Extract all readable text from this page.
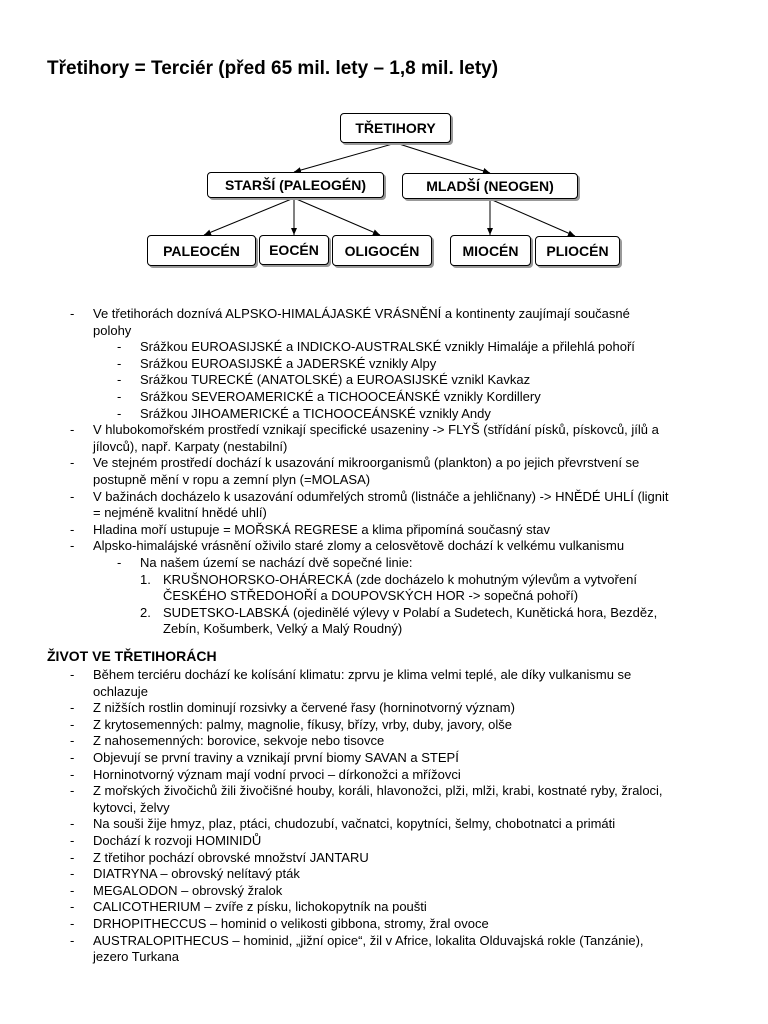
Třetihory = Terciér (před 65 mil. lety – 1,8 mil. lety)
TŘETIHORY
STARŠÍ (PALEOGÉN)	MLADŠÍ (NEOGEN)
PALEOCÉN	EOCÉN	OLIGOCÉN	MIOCÉN	PLIOCÉN
- Ve třetihorách doznívá ALPSKO-HIMALÁJASKÉ VRÁSNĚNÍ a kontinenty zaujímají současné
polohy
- Srážkou EUROASIJSKÉ a INDICKO-AUSTRALSKÉ vznikly Himaláje a přilehlá pohoří
- Srážkou EUROASIJSKÉ a JADERSKÉ vznikly Alpy
- Srážkou TURECKÉ (ANATOLSKÉ) a EUROASIJSKÉ vznikl Kavkaz
- Srážkou SEVEROAMERICKÉ a TICHOOCEÁNSKÉ vznikly Kordillery
- Srážkou JIHOAMERICKÉ a TICHOOCEÁNSKÉ vznikly Andy
- V hlubokomořském prostředí vznikají specifické usazeniny -> FLYŠ (střídání písků, pískovců, jílů a
jílovců), např. Karpaty (nestabilní)
- Ve stejném prostředí dochází k usazování mikroorganismů (plankton) a po jejich převrstvení se
postupně mění v ropu a zemní plyn (=MOLASA)
- V bažinách docházelo k usazování odumřelých stromů (listnáče a jehličnany) -> HNĚDÉ UHLÍ (lignit
= nejméně kvalitní hnědé uhlí)
- Hladina moří ustupuje = MOŘSKÁ REGRESE a klima připomíná současný stav
- Alpsko-himalájské vrásnění oživilo staré zlomy a celosvětově dochází k velkému vulkanismu
- Na našem území se nachází dvě sopečné linie:
1. KRUŠNOHORSKO-OHÁRECKÁ (zde docházelo k mohutným výlevům a vytvoření
ČESKÉHO STŘEDOHOŘÍ a DOUPOVSKÝCH HOR -> sopečná pohoří)
2. SUDETSKO-LABSKÁ (ojedinělé výlevy v Polabí a Sudetech, Kunětická hora, Bezděz,
Zebín, Košumberk, Velký a Malý Roudný)
ŽIVOT VE TŘETIHORÁCH
- Během terciéru dochází ke kolísání klimatu: zprvu je klima velmi teplé, ale díky vulkanismu se
ochlazuje
- Z nižších rostlin dominují rozsivky a červené řasy (horninotvorný význam)
- Z krytosemenných: palmy, magnolie, fíkusy, břízy, vrby, duby, javory, olše
- Z nahosemenných: borovice, sekvoje nebo tisovce
- Objevují se první traviny a vznikají první biomy SAVAN a STEPÍ
- Horninotvorný význam mají vodní prvoci – dírkonožci a mřížovci
- Z mořských živočichů žili živočišné houby, koráli, hlavonožci, plži, mlži, krabi, kostnaté ryby, žraloci,
kytovci, želvy
- Na souši žije hmyz, plaz, ptáci, chudozubí, vačnatci, kopytníci, šelmy, chobotnatci a primáti
- Dochází k rozvoji HOMINIDŮ
- Z třetihor pochází obrovské množství JANTARU
- DIATRYNA – obrovský nelítavý pták
- MEGALODON – obrovský žralok
- CALICOTHERIUM – zvíře z písku, lichokopytník na poušti
- DRHOPITHECCUS – hominid o velikosti gibbona, stromy, žral ovoce
- AUSTRALOPITHECUS – hominid, „jižní opice“, žil v Africe, lokalita Olduvajská rokle (Tanzánie),
jezero Turkana
